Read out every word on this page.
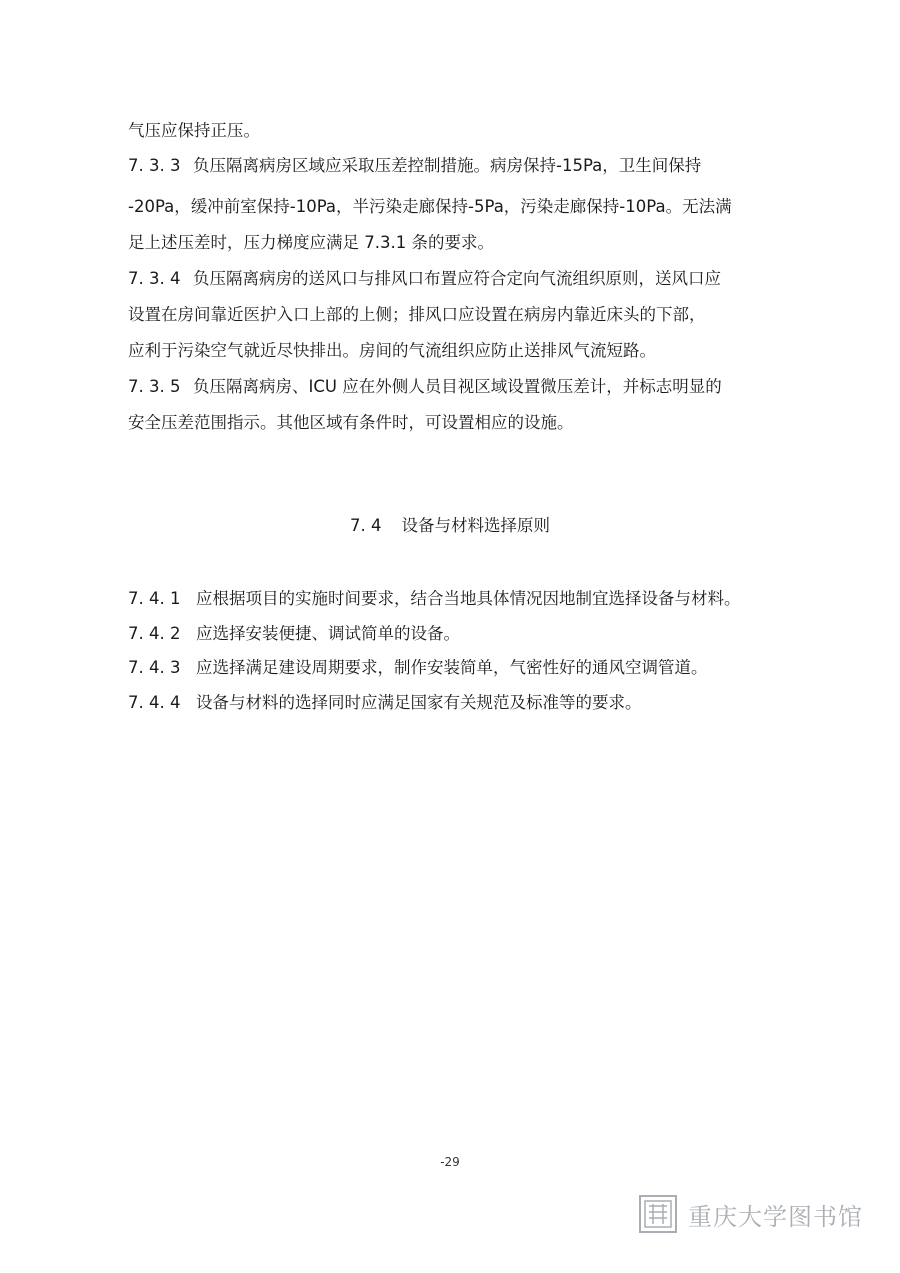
气压应保持正压。
7. 3. 3 负压隔离病房区域应采取压差控制措施。病房保持-15Pa，卫生间保持
-20Pa，缓冲前室保持-10Pa，半污染走廊保持-5Pa，污染走廊保持-10Pa。无法满
足上述压差时，压力梯度应满足 7.3.1 条的要求。
7. 3. 4 负压隔离病房的送风口与排风口布置应符合定向气流组织原则，送风口应
设置在房间靠近医护入口上部的上侧；排风口应设置在病房内靠近床头的下部，
应利于污染空气就近尽快排出。房间的气流组织应防止送排风气流短路。
7. 3. 5 负压隔离病房、ICU 应在外侧人员目视区域设置微压差计，并标志明显的
安全压差范围指示。其他区域有条件时，可设置相应的设施。
7. 4 设备与材料选择原则
7. 4. 1 应根据项目的实施时间要求，结合当地具体情况因地制宜选择设备与材料。
7. 4. 2 应选择安装便捷、调试简单的设备。
7. 4. 3 应选择满足建设周期要求，制作安装简单，气密性好的通风空调管道。
7. 4. 4 设备与材料的选择同时应满足国家有关规范及标准等的要求。
-29
重庆大学图书馆
